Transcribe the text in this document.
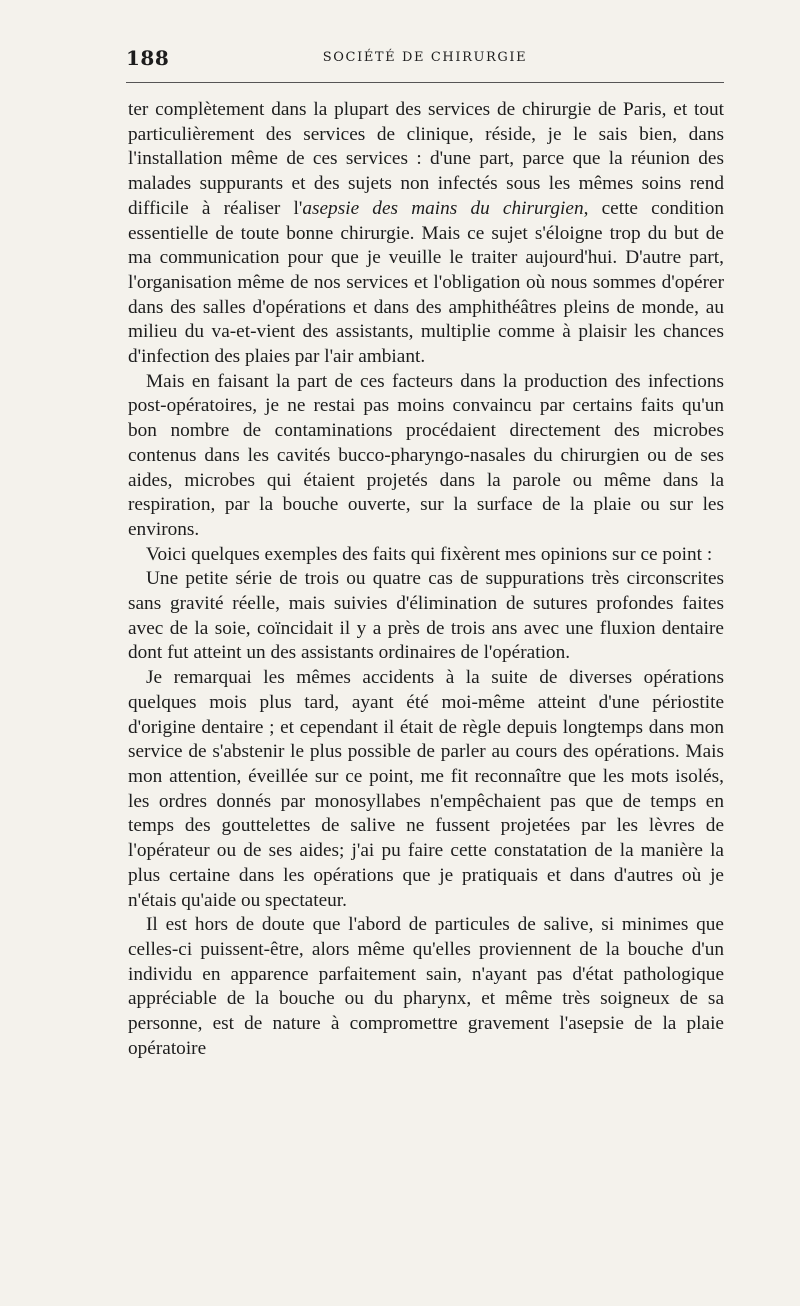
188	SOCIÉTÉ DE CHIRURGIE

ter complètement dans la plupart des services de chirurgie de Paris, et tout particulièrement des services de clinique, réside, je le sais bien, dans l'installation même de ces services : d'une part, parce que la réunion des malades suppurants et des sujets non infectés sous les mêmes soins rend difficile à réaliser l'asepsie des mains du chirurgien, cette condition essentielle de toute bonne chirurgie. Mais ce sujet s'éloigne trop du but de ma communication pour que je veuille le traiter aujourd'hui. D'autre part, l'organisation même de nos services et l'obligation où nous sommes d'opérer dans des salles d'opérations et dans des amphithéâtres pleins de monde, au milieu du va-et-vient des assistants, multiplie comme à plaisir les chances d'infection des plaies par l'air ambiant.

Mais en faisant la part de ces facteurs dans la production des infections post-opératoires, je ne restai pas moins convaincu par certains faits qu'un bon nombre de contaminations procédaient directement des microbes contenus dans les cavités bucco-pharyngo-nasales du chirurgien ou de ses aides, microbes qui étaient projetés dans la parole ou même dans la respiration, par la bouche ouverte, sur la surface de la plaie ou sur les environs.

Voici quelques exemples des faits qui fixèrent mes opinions sur ce point :

Une petite série de trois ou quatre cas de suppurations très circonscrites sans gravité réelle, mais suivies d'élimination de sutures profondes faites avec de la soie, coïncidait il y a près de trois ans avec une fluxion dentaire dont fut atteint un des assistants ordinaires de l'opération.

Je remarquai les mêmes accidents à la suite de diverses opérations quelques mois plus tard, ayant été moi-même atteint d'une périostite d'origine dentaire ; et cependant il était de règle depuis longtemps dans mon service de s'abstenir le plus possible de parler au cours des opérations. Mais mon attention, éveillée sur ce point, me fit reconnaître que les mots isolés, les ordres donnés par monosyllabes n'empêchaient pas que de temps en temps des gouttelettes de salive ne fussent projetées par les lèvres de l'opérateur ou de ses aides; j'ai pu faire cette constatation de la manière la plus certaine dans les opérations que je pratiquais et dans d'autres où je n'étais qu'aide ou spectateur.

Il est hors de doute que l'abord de particules de salive, si minimes que celles-ci puissent-être, alors même qu'elles proviennent de la bouche d'un individu en apparence parfaitement sain, n'ayant pas d'état pathologique appréciable de la bouche ou du pharynx, et même très soigneux de sa personne, est de nature à compromettre gravement l'asepsie de la plaie opératoire
